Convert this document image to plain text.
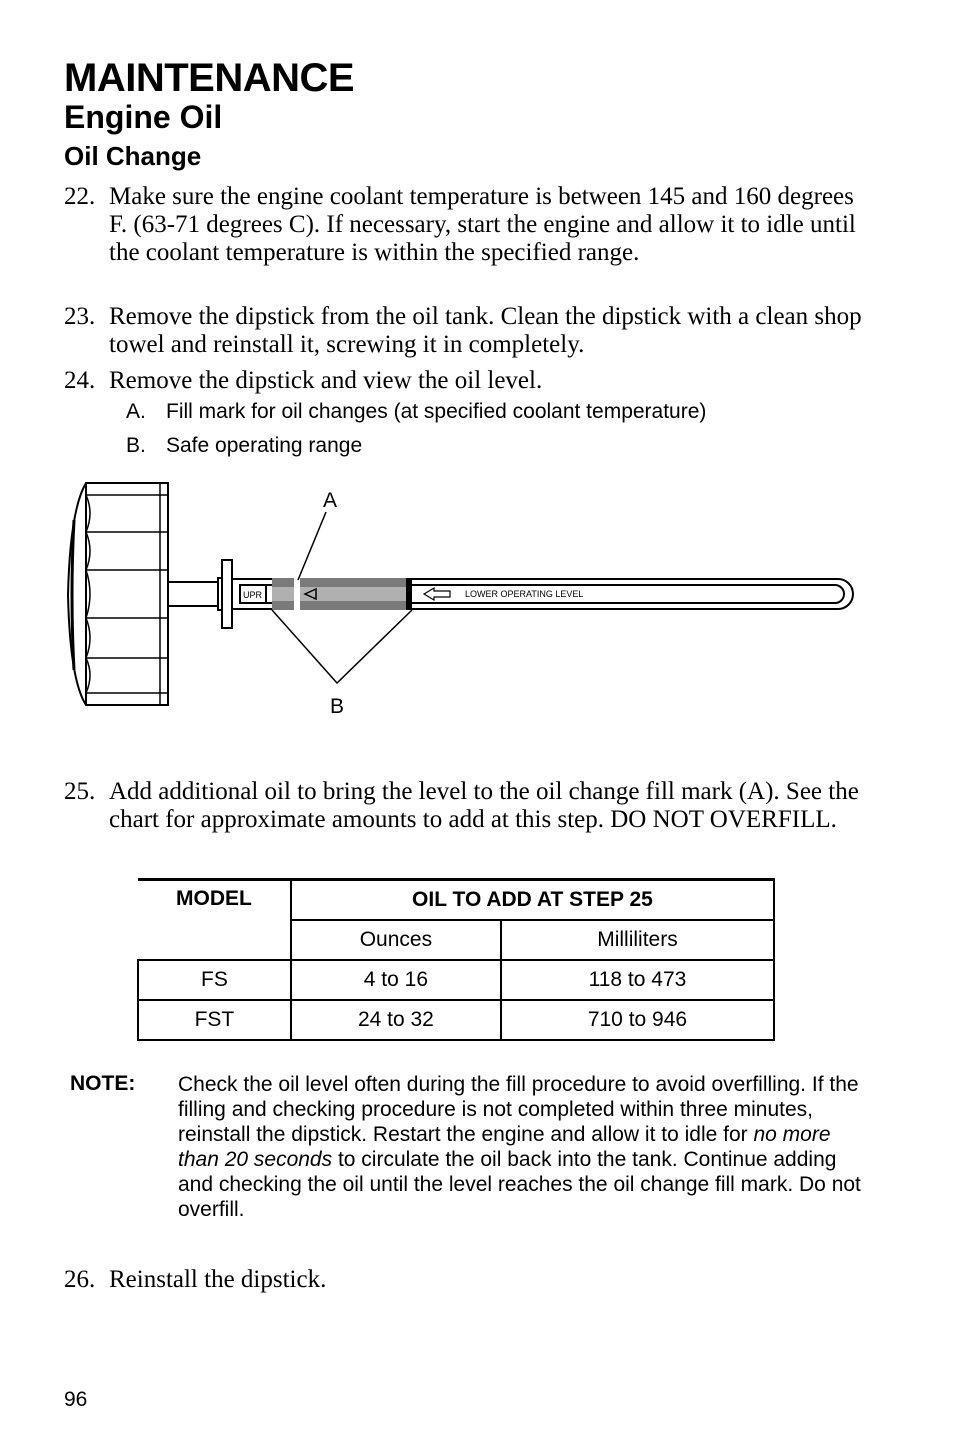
MAINTENANCE
Engine Oil
Oil Change
22. Make sure the engine coolant temperature is between 145 and 160 degrees F. (63-71 degrees C). If necessary, start the engine and allow it to idle until the coolant temperature is within the specified range.
23. Remove the dipstick from the oil tank. Clean the dipstick with a clean shop towel and reinstall it, screwing it in completely.
24. Remove the dipstick and view the oil level.
A. Fill mark for oil changes (at specified coolant temperature)
B. Safe operating range
UPR	LOWER OPERATING LEVEL
A
B
25. Add additional oil to bring the level to the oil change fill mark (A). See the chart for approximate amounts to add at this step. DO NOT OVERFILL.
MODEL	OIL TO ADD AT STEP 25	
	Ounces	Milliliters
FS	4 to 16	118 to 473
FST	24 to 32	710 to 946
NOTE: Check the oil level often during the fill procedure to avoid overfilling. If the filling and checking procedure is not completed within three minutes, reinstall the dipstick. Restart the engine and allow it to idle for no more than 20 seconds to circulate the oil back into the tank. Continue adding and checking the oil until the level reaches the oil change fill mark. Do not overfill.
26. Reinstall the dipstick.
96
